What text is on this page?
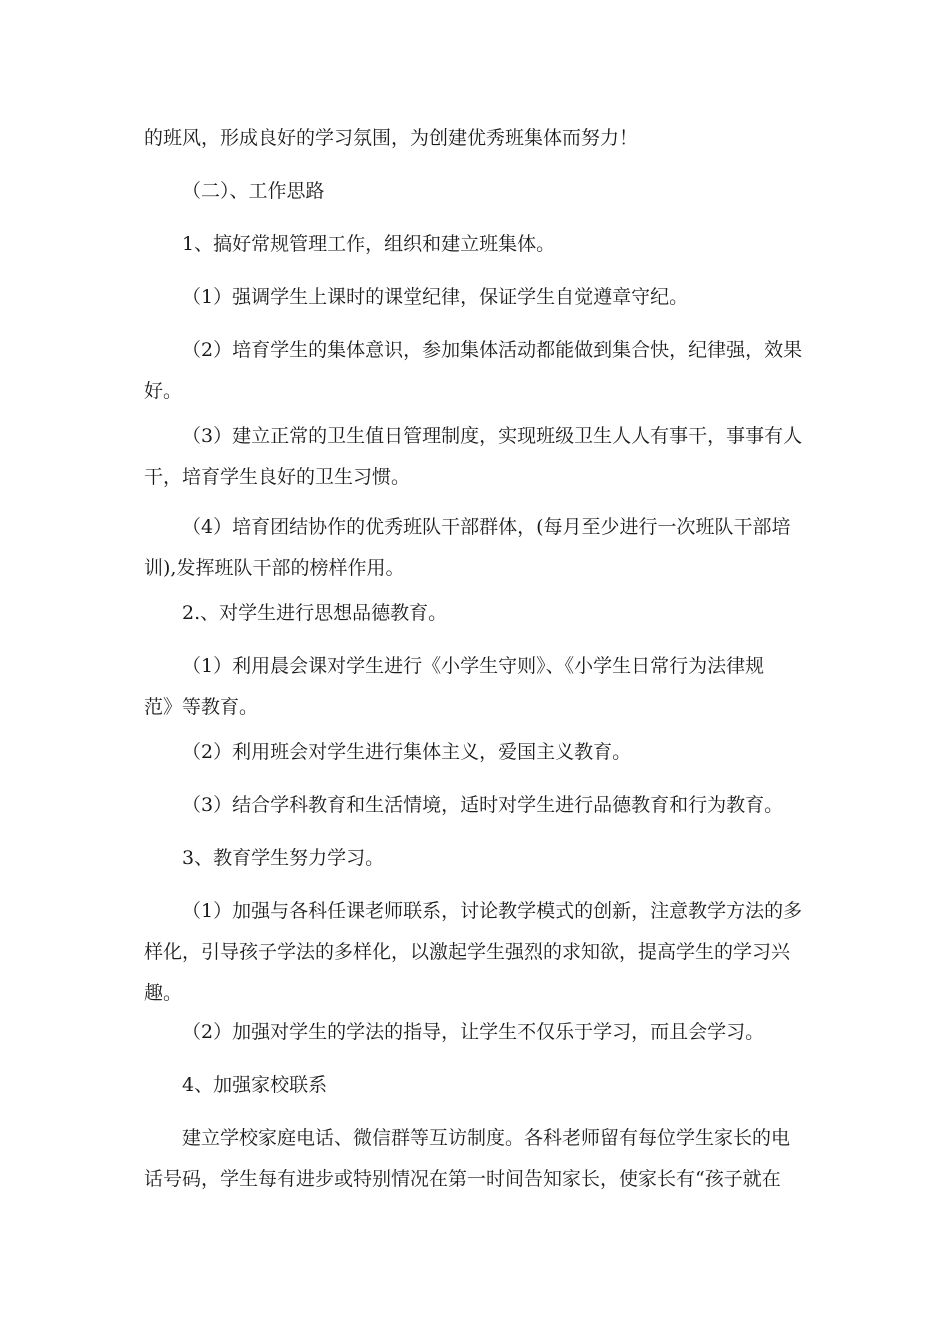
的班风，形成良好的学习氛围，为创建优秀班集体而努力！

（二）、工作思路

1、搞好常规管理工作，组织和建立班集体。

（1）强调学生上课时的课堂纪律，保证学生自觉遵章守纪。

（2）培育学生的集体意识，参加集体活动都能做到集合快，纪律强，效果
好。

（3）建立正常的卫生值日管理制度，实现班级卫生人人有事干，事事有人
干，培育学生良好的卫生习惯。

（4）培育团结协作的优秀班队干部群体，(每月至少进行一次班队干部培
训),发挥班队干部的榜样作用。

2.、对学生进行思想品德教育。

（1）利用晨会课对学生进行《小学生守则》、《小学生日常行为法律规
范》等教育。

（2）利用班会对学生进行集体主义，爱国主义教育。

（3）结合学科教育和生活情境，适时对学生进行品德教育和行为教育。

3、教育学生努力学习。

（1）加强与各科任课老师联系，讨论教学模式的创新，注意教学方法的多
样化，引导孩子学法的多样化，以激起学生强烈的求知欲，提高学生的学习兴
趣。

（2）加强对学生的学法的指导，让学生不仅乐于学习，而且会学习。

4、加强家校联系

建立学校家庭电话、微信群等互访制度。各科老师留有每位学生家长的电
话号码，学生每有进步或特别情况在第一时间告知家长，使家长有“孩子就在
